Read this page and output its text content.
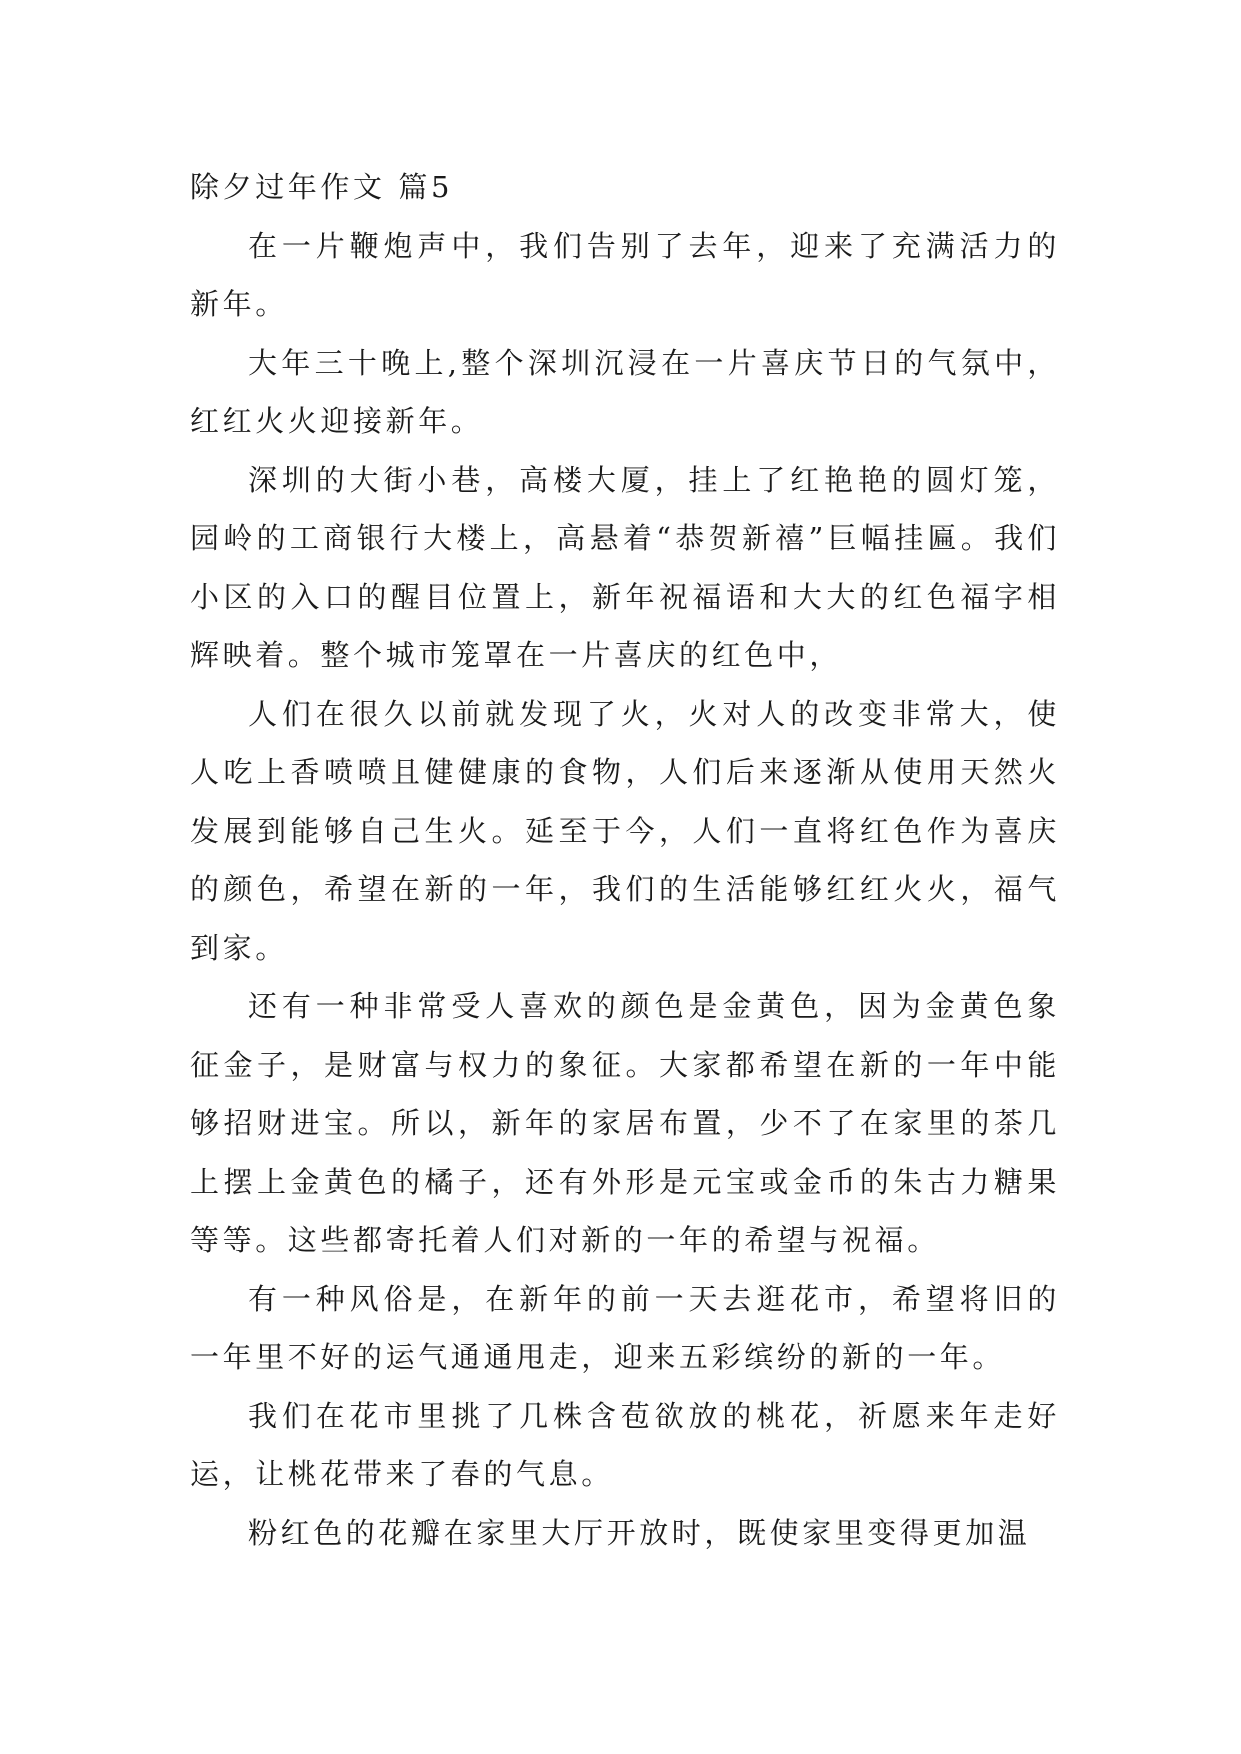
除夕过年作文 篇5

在一片鞭炮声中，我们告别了去年，迎来了充满活力的新年。

大年三十晚上,整个深圳沉浸在一片喜庆节日的气氛中，红红火火迎接新年。

深圳的大街小巷，高楼大厦，挂上了红艳艳的圆灯笼，园岭的工商银行大楼上，高悬着“恭贺新禧”巨幅挂匾。我们小区的入口的醒目位置上，新年祝福语和大大的红色福字相辉映着。整个城市笼罩在一片喜庆的红色中，

人们在很久以前就发现了火，火对人的改变非常大，使人吃上香喷喷且健健康的食物，人们后来逐渐从使用天然火发展到能够自己生火。延至于今，人们一直将红色作为喜庆的颜色，希望在新的一年，我们的生活能够红红火火，福气到家。

还有一种非常受人喜欢的颜色是金黄色，因为金黄色象征金子，是财富与权力的象征。大家都希望在新的一年中能够招财进宝。所以，新年的家居布置，少不了在家里的茶几上摆上金黄色的橘子，还有外形是元宝或金币的朱古力糖果等等。这些都寄托着人们对新的一年的希望与祝福。

有一种风俗是，在新年的前一天去逛花市，希望将旧的一年里不好的运气通通甩走，迎来五彩缤纷的新的一年。

我们在花市里挑了几株含苞欲放的桃花，祈愿来年走好运，让桃花带来了春的气息。

粉红色的花瓣在家里大厅开放时，既使家里变得更加温
